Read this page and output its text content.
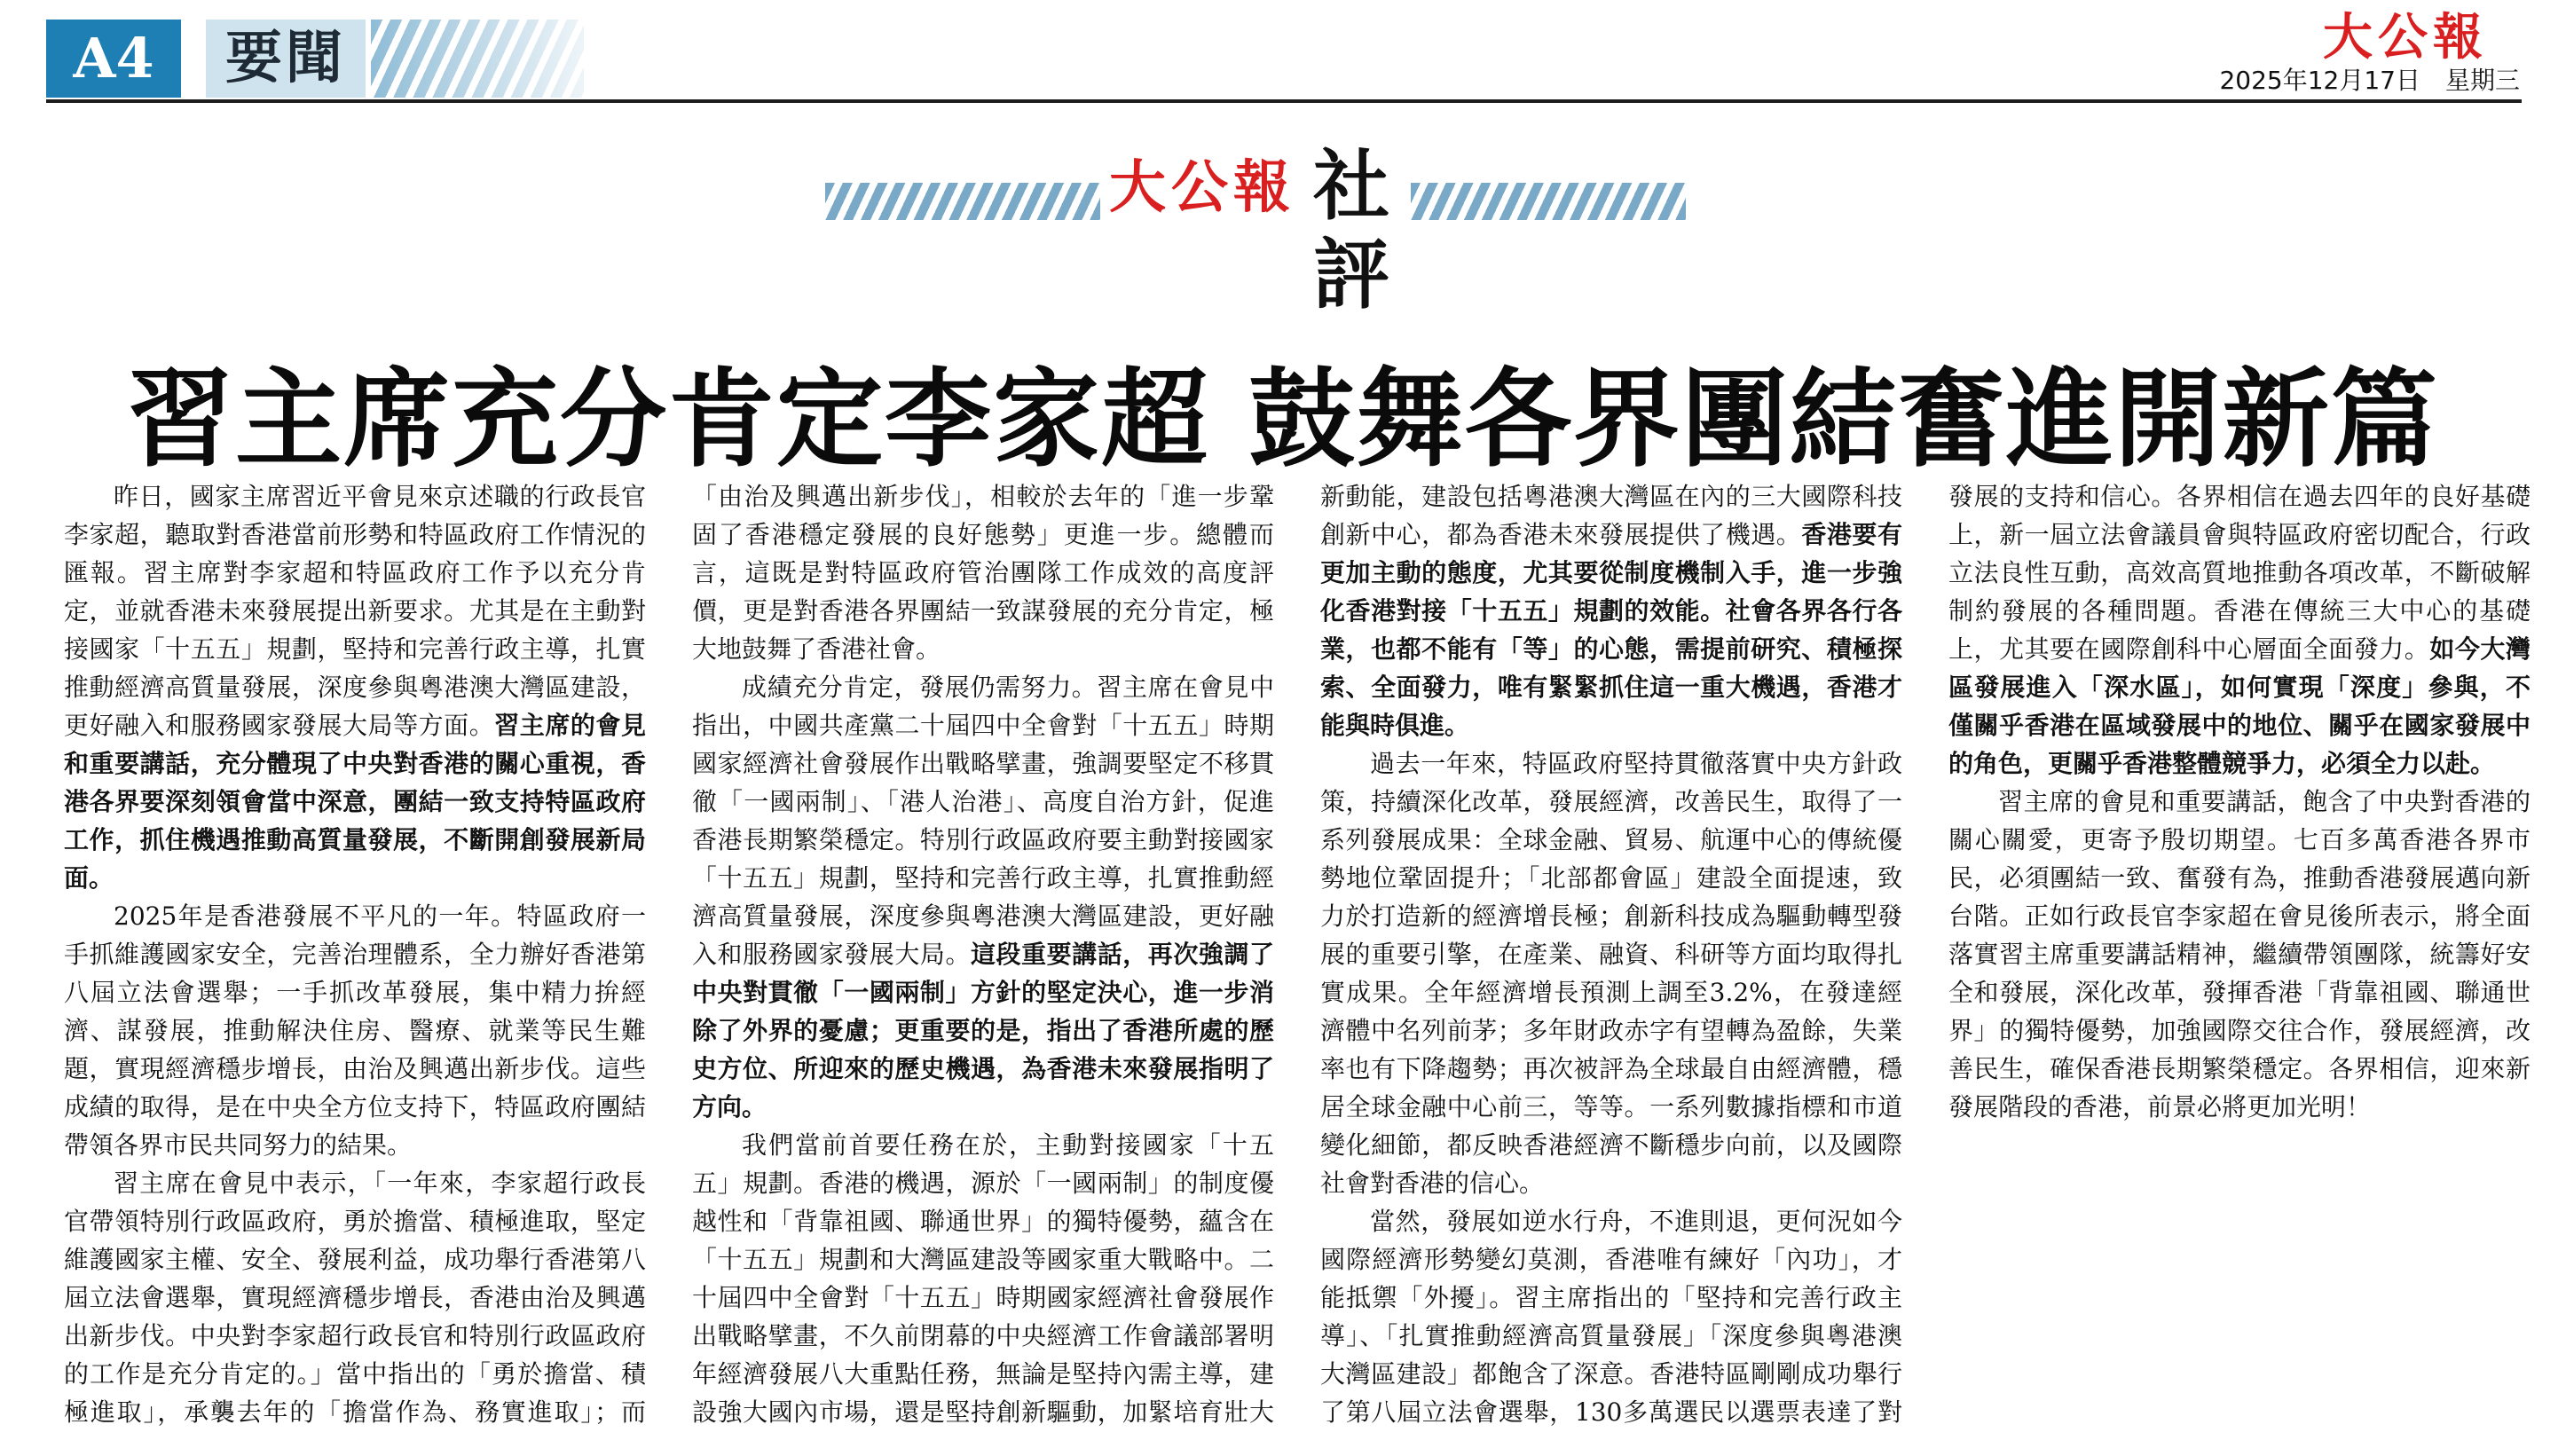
A4	要聞	大公報
2025年12月17日 星期三
大公報 社評
習主席充分肯定李家超 鼓舞各界團結奮進開新篇

昨日，國家主席習近平會見來京述職的行政長官李家超，聽取對香港當前形勢和特區政府工作情況的匯報。習主席對李家超和特區政府工作予以充分肯定，並就香港未來發展提出新要求。尤其是在主動對接國家「十五五」規劃，堅持和完善行政主導，扎實推動經濟高質量發展，深度參與粵港澳大灣區建設，更好融入和服務國家發展大局等方面。習主席的會見和重要講話，充分體現了中央對香港的關心重視，香港各界要深刻領會當中深意，團結一致支持特區政府工作，抓住機遇推動高質量發展，不斷開創發展新局面。

2025年是香港發展不平凡的一年。特區政府一手抓維護國家安全，完善治理體系，全力辦好香港第八屆立法會選舉；一手抓改革發展，集中精力拚經濟、謀發展，推動解決住房、醫療、就業等民生難題，實現經濟穩步增長，由治及興邁出新步伐。這些成績的取得，是在中央全方位支持下，特區政府團結帶領各界市民共同努力的結果。

習主席在會見中表示，「一年來，李家超行政長官帶領特別行政區政府，勇於擔當、積極進取，堅定維護國家主權、安全、發展利益，成功舉行香港第八屆立法會選舉，實現經濟穩步增長，香港由治及興邁出新步伐。中央對李家超行政長官和特別行政區政府的工作是充分肯定的。」當中指出的「勇於擔當、積極進取」，承襲去年的「擔當作為、務實進取」；而「由治及興邁出新步伐」，相較於去年的「進一步鞏固了香港穩定發展的良好態勢」更進一步。總體而言，這既是對特區政府管治團隊工作成效的高度評價，更是對香港各界團結一致謀發展的充分肯定，極大地鼓舞了香港社會。

成績充分肯定，發展仍需努力。習主席在會見中指出，中國共產黨二十屆四中全會對「十五五」時期國家經濟社會發展作出戰略擘畫，強調要堅定不移貫徹「一國兩制」、「港人治港」、高度自治方針，促進香港長期繁榮穩定。特別行政區政府要主動對接國家「十五五」規劃，堅持和完善行政主導，扎實推動經濟高質量發展，深度參與粵港澳大灣區建設，更好融入和服務國家發展大局。這段重要講話，再次強調了中央對貫徹「一國兩制」方針的堅定決心，進一步消除了外界的憂慮；更重要的是，指出了香港所處的歷史方位、所迎來的歷史機遇，為香港未來發展指明了方向。

我們當前首要任務在於，主動對接國家「十五五」規劃。香港的機遇，源於「一國兩制」的制度優越性和「背靠祖國、聯通世界」的獨特優勢，蘊含在「十五五」規劃和大灣區建設等國家重大戰略中。二十屆四中全會對「十五五」時期國家經濟社會發展作出戰略擘畫，不久前閉幕的中央經濟工作會議部署明年經濟發展八大重點任務，無論是堅持內需主導，建設強大國內市場，還是堅持創新驅動，加緊培育壯大新動能，建設包括粵港澳大灣區在內的三大國際科技創新中心，都為香港未來發展提供了機遇。香港要有更加主動的態度，尤其要從制度機制入手，進一步強化香港對接「十五五」規劃的效能。社會各界各行各業，也都不能有「等」的心態，需提前研究、積極探索、全面發力，唯有緊緊抓住這一重大機遇，香港才能與時俱進。

過去一年來，特區政府堅持貫徹落實中央方針政策，持續深化改革，發展經濟，改善民生，取得了一系列發展成果：全球金融、貿易、航運中心的傳統優勢地位鞏固提升；「北部都會區」建設全面提速，致力於打造新的經濟增長極；創新科技成為驅動轉型發展的重要引擎，在產業、融資、科研等方面均取得扎實成果。全年經濟增長預測上調至3.2%，在發達經濟體中名列前茅；多年財政赤字有望轉為盈餘，失業率也有下降趨勢；再次被評為全球最自由經濟體，穩居全球金融中心前三，等等。一系列數據指標和市道變化細節，都反映香港經濟不斷穩步向前，以及國際社會對香港的信心。

當然，發展如逆水行舟，不進則退，更何況如今國際經濟形勢變幻莫測，香港唯有練好「內功」，才能抵禦「外擾」。習主席指出的「堅持和完善行政主導」、「扎實推動經濟高質量發展」「深度參與粵港澳大灣區建設」都飽含了深意。香港特區剛剛成功舉行了第八屆立法會選舉，130多萬選民以選票表達了對發展的支持和信心。各界相信在過去四年的良好基礎上，新一屆立法會議員會與特區政府密切配合，行政立法良性互動，高效高質地推動各項改革，不斷破解制約發展的各種問題。香港在傳統三大中心的基礎上，尤其要在國際創科中心層面全面發力。如今大灣區發展進入「深水區」，如何實現「深度」參與，不僅關乎香港在區域發展中的地位、關乎在國家發展中的角色，更關乎香港整體競爭力，必須全力以赴。

習主席的會見和重要講話，飽含了中央對香港的關心關愛，更寄予殷切期望。七百多萬香港各界市民，必須團結一致、奮發有為，推動香港發展邁向新台階。正如行政長官李家超在會見後所表示，將全面落實習主席重要講話精神，繼續帶領團隊，統籌好安全和發展，深化改革，發揮香港「背靠祖國、聯通世界」的獨特優勢，加強國際交往合作，發展經濟，改善民生，確保香港長期繁榮穩定。各界相信，迎來新發展階段的香港，前景必將更加光明！
